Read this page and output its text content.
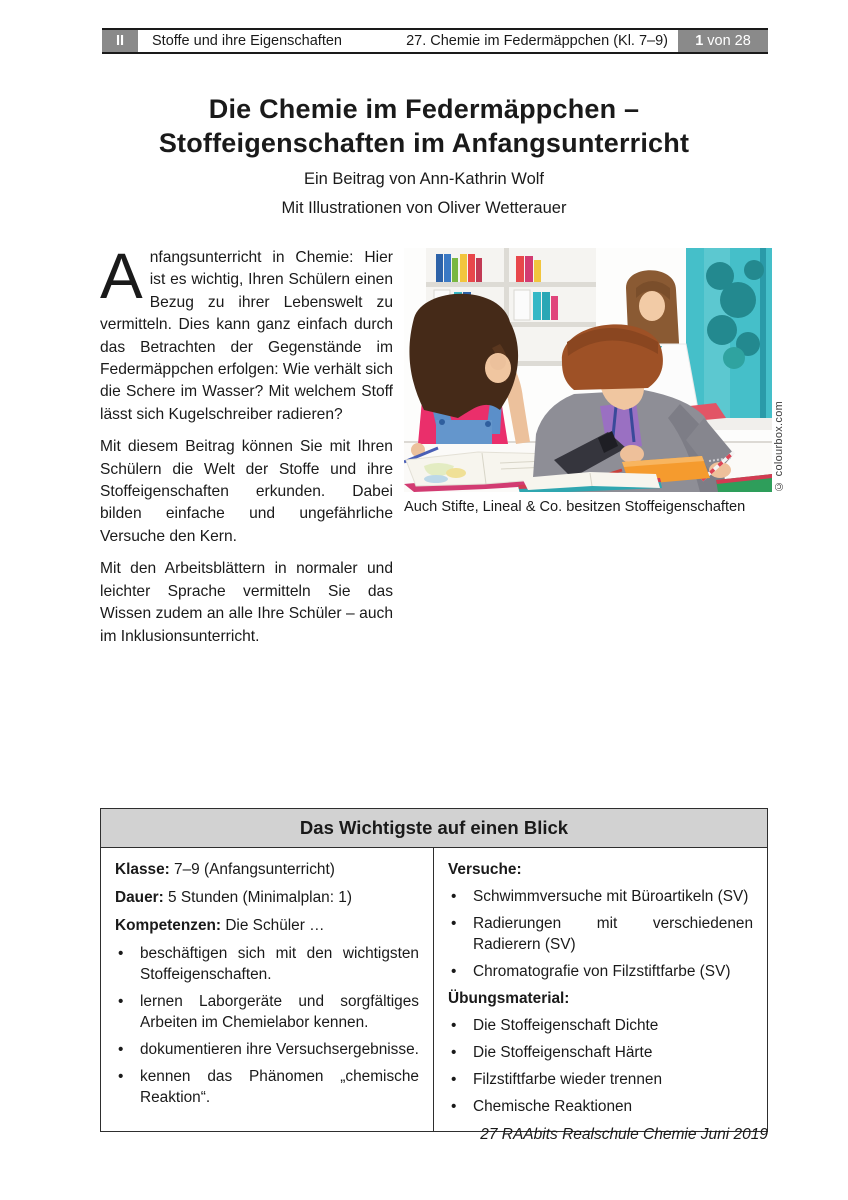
II	Stoffe und ihre Eigenschaften	27. Chemie im Federmäppchen (Kl. 7–9) 1 von 28
Die Chemie im Federmäppchen –
Stoffeigenschaften im Anfangsunterricht
Ein Beitrag von Ann-Kathrin Wolf
Mit Illustrationen von Oliver Wetterauer

Anfangsunterricht in Chemie: Hier ist es wichtig, Ihren Schülern einen Bezug zu ihrer Lebenswelt zu vermitteln. Dies kann ganz einfach durch das Betrachten der Gegenstände im Federmäppchen erfolgen: Wie verhält sich die Schere im Wasser? Mit welchem Stoff lässt sich Kugelschreiber radieren?

Mit diesem Beitrag können Sie mit Ihren Schülern die Welt der Stoffe und ihre Stoffeigenschaften erkunden. Dabei bilden einfache und ungefährliche Versuche den Kern.

Mit den Arbeitsblättern in normaler und leichter Sprache vermitteln Sie das Wissen zudem an alle Ihre Schüler – auch im Inklusionsunterricht.

© colourbox.com
Auch Stifte, Lineal & Co. besitzen Stoffeigenschaften
Das Wichtigste auf einen Blick
Klasse: 7–9 (Anfangsunterricht)
Dauer: 5 Stunden (Minimalplan: 1)
Kompetenzen: Die Schüler …
• beschäftigen sich mit den wichtigsten Stoffeigenschaften.
• lernen Laborgeräte und sorgfältiges Arbeiten im Chemielabor kennen.
• dokumentieren ihre Versuchsergebnisse.
• kennen das Phänomen „chemische Reaktion“.
Versuche:
• Schwimmversuche mit Büroartikeln (SV)
• Radierungen mit verschiedenen Radierern (SV)
• Chromatografie von Filzstiftfarbe (SV)
Übungsmaterial:
• Die Stoffeigenschaft Dichte
• Die Stoffeigenschaft Härte
• Filzstiftfarbe wieder trennen
• Chemische Reaktionen
27 RAAbits Realschule Chemie Juni 2019
